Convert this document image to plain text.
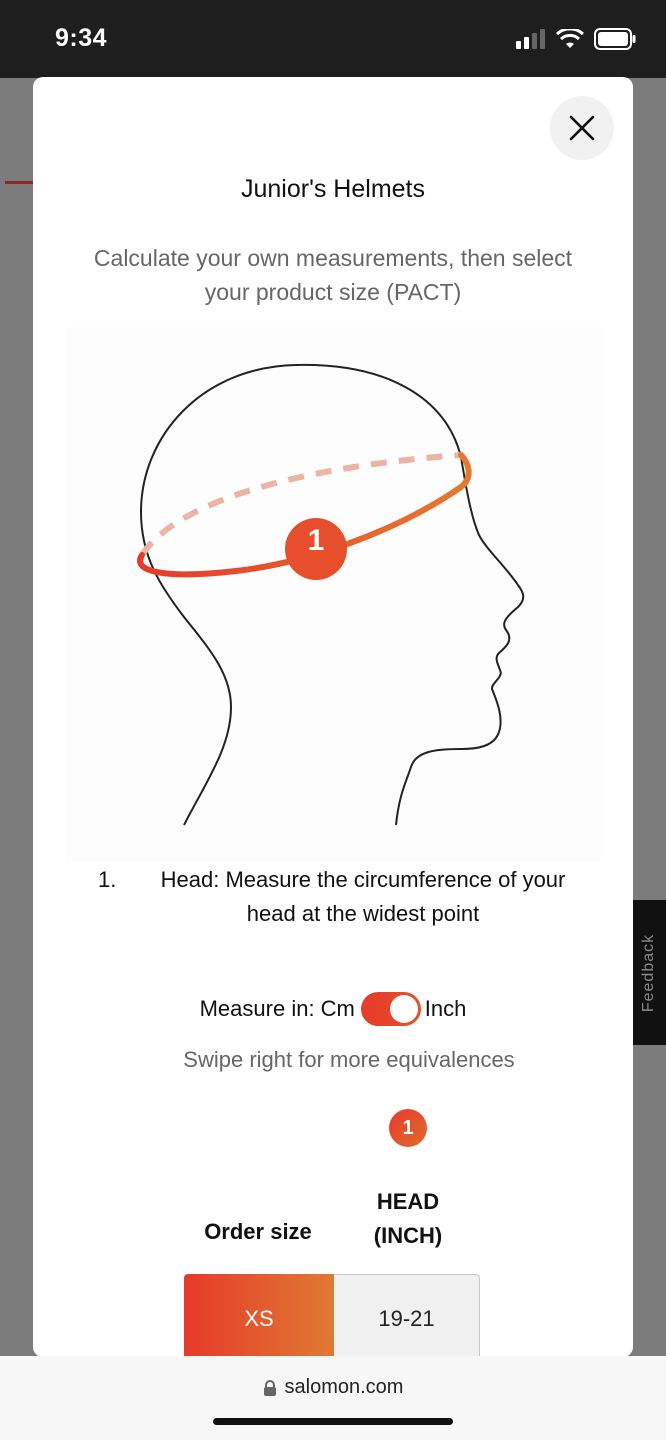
9:34
Feedback
Junior's Helmets
Calculate your own measurements, then select your product size (PACT)
1
1.	Head: Measure the circumference of your head at the widest point
Measure in: Cm	Inch
Swipe right for more equivalences
1
Order size
HEAD
(INCH)
XS	19-21
salomon.com
